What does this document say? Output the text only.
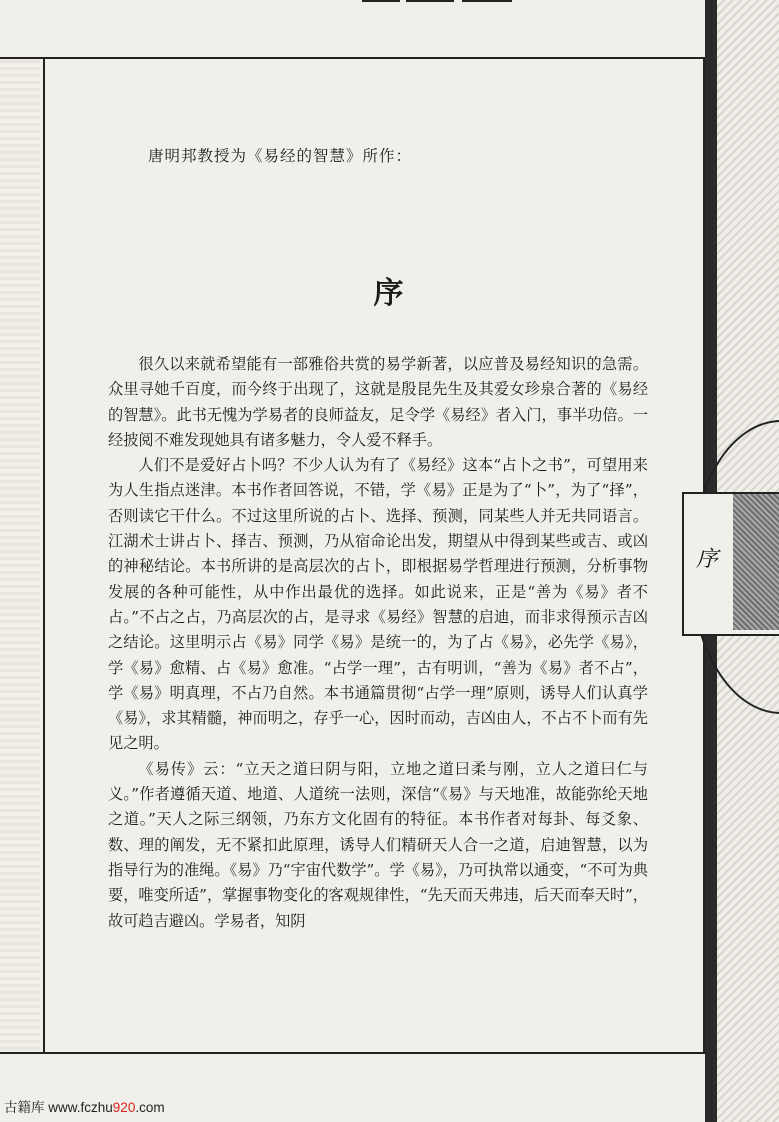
序
唐明邦教授为《易经的智慧》所作：
序

很久以来就希望能有一部雅俗共赏的易学新著，以应普及易经知识的急需。众里寻她千百度，而今终于出现了，这就是殷昆先生及其爱女珍泉合著的《易经的智慧》。此书无愧为学易者的良师益友，足令学《易经》者入门，事半功倍。一经披阅不难发现她具有诸多魅力，令人爱不释手。

人们不是爱好占卜吗？不少人认为有了《易经》这本“占卜之书”，可望用来为人生指点迷津。本书作者回答说，不错，学《易》正是为了“卜”，为了“择”，否则读它干什么。不过这里所说的占卜、选择、预测，同某些人并无共同语言。江湖术士讲占卜、择吉、预测，乃从宿命论出发，期望从中得到某些或吉、或凶的神秘结论。本书所讲的是高层次的占卜，即根据易学哲理进行预测，分析事物发展的各种可能性，从中作出最优的选择。如此说来，正是“善为《易》者不占。”不占之占，乃高层次的占，是寻求《易经》智慧的启迪，而非求得预示吉凶之结论。这里明示占《易》同学《易》是统一的，为了占《易》，必先学《易》，学《易》愈精、占《易》愈准。“占学一理”，古有明训，“善为《易》者不占”，学《易》明真理，不占乃自然。本书通篇贯彻“占学一理”原则，诱导人们认真学《易》，求其精髓，神而明之，存乎一心，因时而动，吉凶由人，不占不卜而有先见之明。

《易传》云：“立天之道曰阴与阳，立地之道曰柔与刚，立人之道曰仁与义。”作者遵循天道、地道、人道统一法则，深信“《易》与天地准，故能弥纶天地之道。”天人之际三纲领，乃东方文化固有的特征。本书作者对每卦、每爻象、数、理的阐发，无不紧扣此原理，诱导人们精研天人合一之道，启迪智慧，以为指导行为的准绳。《易》乃“宇宙代数学”。学《易》，乃可执常以通变，“不可为典要，唯变所适”，掌握事物变化的客观规律性，“先天而天弗违，后天而奉天时”，故可趋吉避凶。学易者，知阴

古籍库 www.fczhu920.com
